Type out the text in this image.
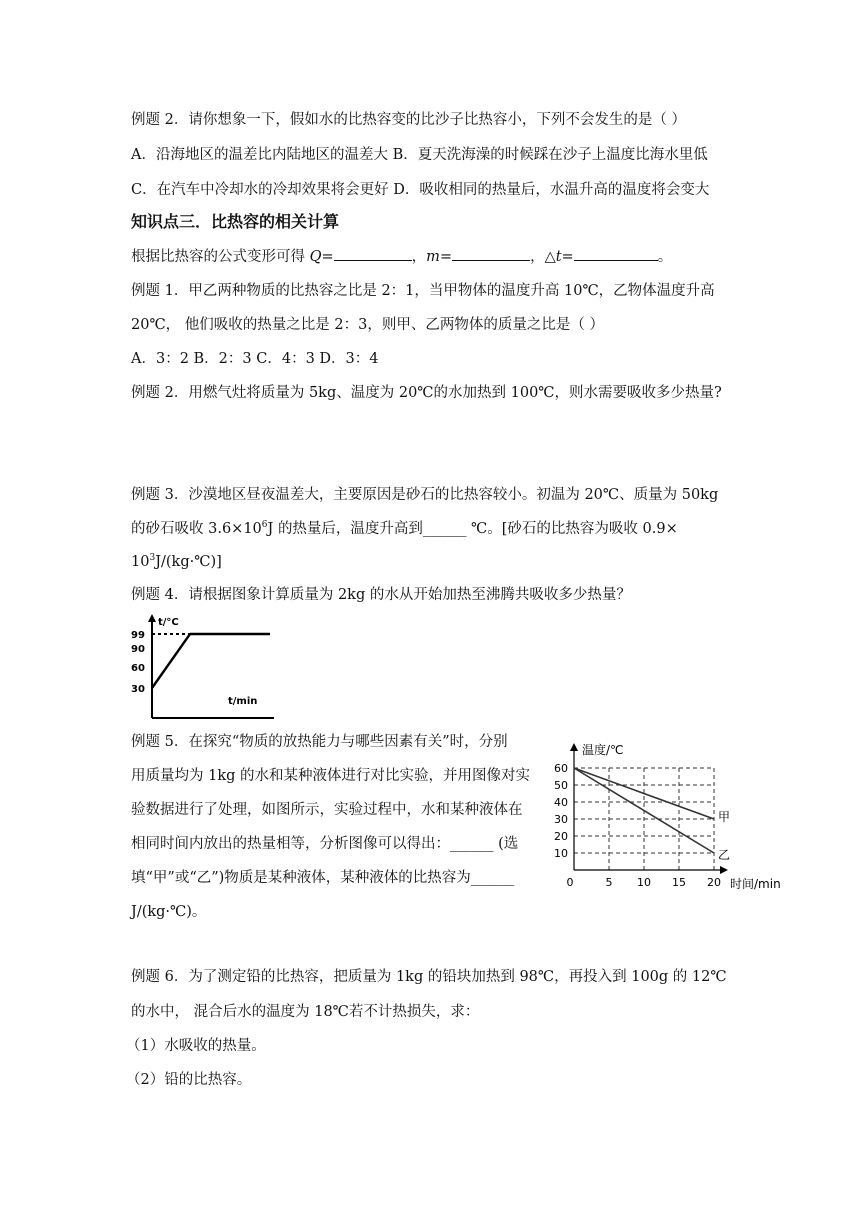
例题 2．请你想象一下，假如水的比热容变的比沙子比热容小，下列不会发生的是（ ）
A．沿海地区的温差比内陆地区的温差大 B．夏天洗海澡的时候踩在沙子上温度比海水里低
C．在汽车中冷却水的冷却效果将会更好 D．吸收相同的热量后，水温升高的温度将会变大
知识点三．比热容的相关计算
根据比热容的公式变形可得 Q=	，m=	，△t=	。
例题 1．甲乙两种物质的比热容之比是 2：1，当甲物体的温度升高 10℃，乙物体温度升高
20℃， 他们吸收的热量之比是 2：3，则甲、乙两物体的质量之比是（ ）
A．3：2 B．2：3 C．4：3 D．3：4
例题 2．用燃气灶将质量为 5kg、温度为 20℃的水加热到 100℃，则水需要吸收多少热量?
例题 3．沙漠地区昼夜温差大，主要原因是砂石的比热容较小。初温为 20℃、质量为 50kg
的砂石吸收 $3.6\times 10^6J$ 的热量后，温度升高到______ ℃。[砂石的比热容为吸收 0.9×
$10^3J/(kg\cdot℃)$]
例题 4．请根据图象计算质量为 2kg 的水从开始加热至沸腾共吸收多少热量？
t/°C
t/min
99
90
60
30
例题 5．在探究“物质的放热能力与哪些因素有关”时，分别
用质量均为 1kg 的水和某种液体进行对比实验，并用图像对实
验数据进行了处理，如图所示，实验过程中，水和某种液体在
相同时间内放出的热量相等，分析图像可以得出：______ (选
填“甲”或“乙”)物质是某种液体，某种液体的比热容为______
J/(kg·℃)。
10
20
30
40
50
60
0	5 10 15 20
甲
乙
温度/℃
时间/min
例题 6．为了测定铅的比热容，把质量为 1kg 的铅块加热到 98℃，再投入到 100g 的 12℃
的水中， 混合后水的温度为 18℃若不计热损失，求：
（1）水吸收的热量。
（2）铅的比热容。
